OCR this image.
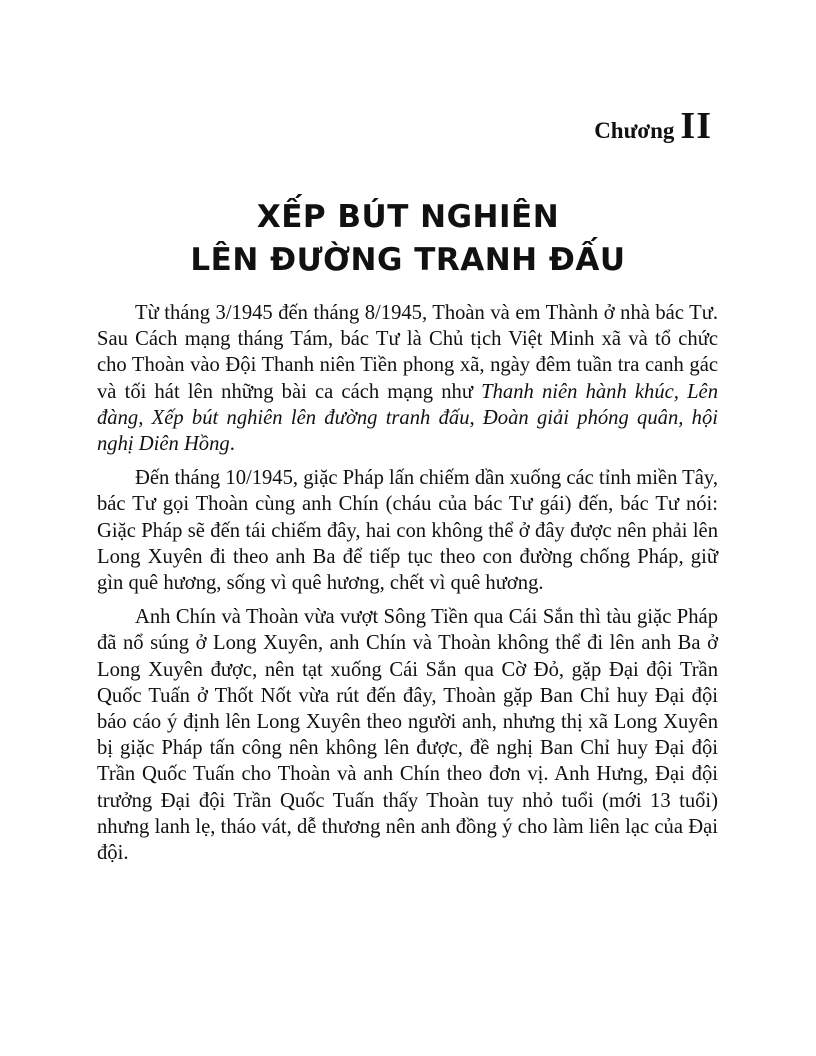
Chương II
XẾP BÚT NGHIÊN
LÊN ĐƯỜNG TRANH ĐẤU

Từ tháng 3/1945 đến tháng 8/1945, Thoàn và em Thành ở nhà bác Tư. Sau Cách mạng tháng Tám, bác Tư là Chủ tịch Việt Minh xã và tổ chức cho Thoàn vào Đội Thanh niên Tiền phong xã, ngày đêm tuần tra canh gác và tối hát lên những bài ca cách mạng như Thanh niên hành khúc, Lên đàng, Xếp bút nghiên lên đường tranh đấu, Đoàn giải phóng quân, hội nghị Diên Hồng.

Đến tháng 10/1945, giặc Pháp lấn chiếm dần xuống các tỉnh miền Tây, bác Tư gọi Thoàn cùng anh Chín (cháu của bác Tư gái) đến, bác Tư nói: Giặc Pháp sẽ đến tái chiếm đây, hai con không thể ở đây được nên phải lên Long Xuyên đi theo anh Ba để tiếp tục theo con đường chống Pháp, giữ gìn quê hương, sống vì quê hương, chết vì quê hương.

Anh Chín và Thoàn vừa vượt Sông Tiền qua Cái Sắn thì tàu giặc Pháp đã nổ súng ở Long Xuyên, anh Chín và Thoàn không thể đi lên anh Ba ở Long Xuyên được, nên tạt xuống Cái Sắn qua Cờ Đỏ, gặp Đại đội Trần Quốc Tuấn ở Thốt Nốt vừa rút đến đây, Thoàn gặp Ban Chỉ huy Đại đội báo cáo ý định lên Long Xuyên theo người anh, nhưng thị xã Long Xuyên bị giặc Pháp tấn công nên không lên được, đề nghị Ban Chỉ huy Đại đội Trần Quốc Tuấn cho Thoàn và anh Chín theo đơn vị. Anh Hưng, Đại đội trưởng Đại đội Trần Quốc Tuấn thấy Thoàn tuy nhỏ tuổi (mới 13 tuổi) nhưng lanh lẹ, tháo vát, dễ thương nên anh đồng ý cho làm liên lạc của Đại đội.
